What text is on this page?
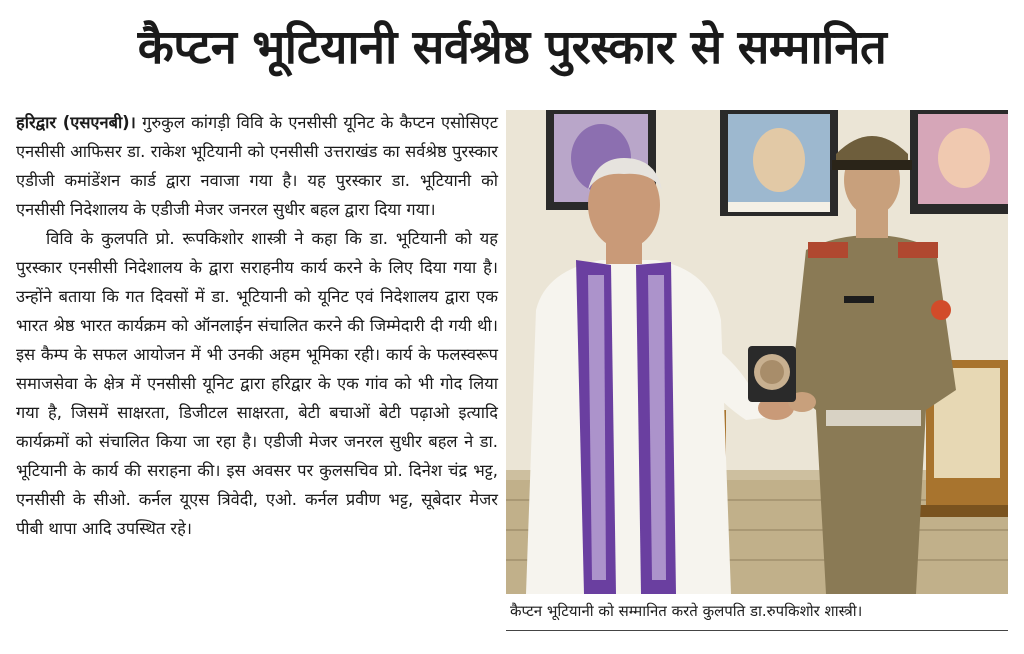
कैप्टन भूटियानी सर्वश्रेष्ठ पुरस्कार से सम्मानित

हरिद्वार (एसएनबी)। गुरुकुल कांगड़ी विवि के एनसीसी यूनिट के कैप्टन एसोसिएट एनसीसी आफिसर डा. राकेश भूटियानी को एनसीसी उत्तराखंड का सर्वश्रेष्ठ पुरस्कार एडीजी कमांडेंशन कार्ड द्वारा नवाजा गया है। यह पुरस्कार डा. भूटियानी को एनसीसी निदेशालय के एडीजी मेजर जनरल सुधीर बहल द्वारा दिया गया।

विवि के कुलपति प्रो. रूपकिशोर शास्त्री ने कहा कि डा. भूटियानी को यह पुरस्कार एनसीसी निदेशालय के द्वारा सराहनीय कार्य करने के लिए दिया गया है। उन्होंने बताया कि गत दिवसों में डा. भूटियानी को यूनिट एवं निदेशालय द्वारा एक भारत श्रेष्ठ भारत कार्यक्रम को ऑनलाईन संचालित करने की जिम्मेदारी दी गयी थी। इस कैम्प के सफल आयोजन में भी उनकी अहम भूमिका रही। कार्य के फलस्वरूप समाजसेवा के क्षेत्र में एनसीसी यूनिट द्वारा हरिद्वार के एक गांव को भी गोद लिया गया है, जिसमें साक्षरता, डिजीटल साक्षरता, बेटी बचाओं बेटी पढ़ाओ इत्यादि कार्यक्रमों को संचालित किया जा रहा है। एडीजी मेजर जनरल सुधीर बहल ने डा. भूटियानी के कार्य की सराहना की। इस अवसर पर कुलसचिव प्रो. दिनेश चंद्र भट्ट, एनसीसी के सीओ. कर्नल यूएस त्रिवेदी, एओ. कर्नल प्रवीण भट्ट, सूबेदार मेजर पीबी थापा आदि उपस्थित रहे।

कैप्टन भूटियानी को सम्मानित करते कुलपति डा.रुपकिशोर शास्त्री।
